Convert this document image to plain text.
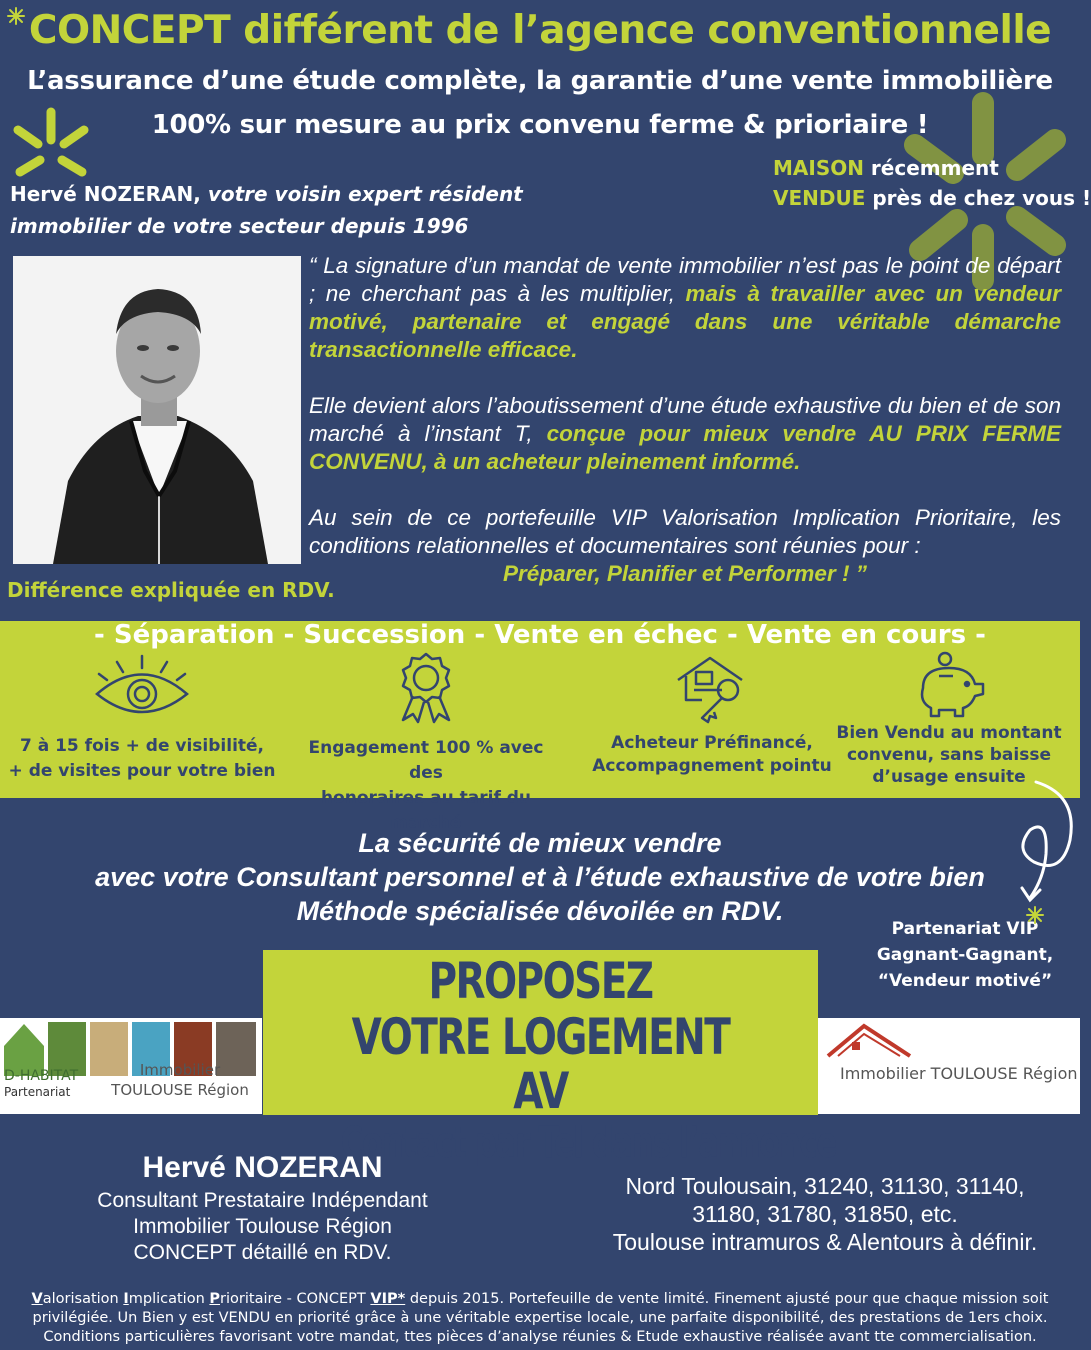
CONCEPT différent de l’agence conventionnelle
L’assurance d’une étude complète, la garantie d’une vente immobilière
100% sur mesure au prix convenu ferme & prioriaire !
Hervé NOZERAN, votre voisin expert résident
immobilier de votre secteur depuis 1996
MAISON récemment
VENDUE près de chez vous !

“ La signature d’un mandat de vente immobilier n’est pas le point de départ ; ne cherchant pas à les multiplier, mais à travailler avec un vendeur motivé, partenaire et engagé dans une véritable démarche transactionnelle efficace.

Elle devient alors l’aboutissement d’une étude exhaustive du bien et de son marché à l’instant T, conçue pour mieux vendre AU PRIX FERME CONVENU, à un acheteur pleinement informé.

Au sein de ce portefeuille VIP Valorisation Implication Prioritaire, les conditions relationnelles et documentaires sont réunies pour :
Préparer, Planifier et Performer ! ”

Différence expliquée en RDV.
- Séparation - Succession - Vente en échec - Vente en cours -
7 à 15 fois + de visibilité,
+ de visites pour votre bien
Engagement 100 % avec des
honoraires au tarif du marché
Acheteur Préfinancé,
Accompagnement pointu
Bien Vendu au montant
convenu, sans baisse
d’usage ensuite
La sécurité de mieux vendre
avec votre Consultant personnel et à l’étude exhaustive de votre bien
Méthode spécialisée dévoilée en RDV.
Partenariat VIP
Gagnant-Gagnant,
“Vendeur motivé”
D-HABITAT
Partenariat
Immobilier
TOULOUSE Région
PROPOSEZ
VOTRE LOGEMENT AV
Contact par Tel dans l’annonce
Immobilier TOULOUSE Région
Hervé NOZERAN
Consultant Prestataire Indépendant
Immobilier Toulouse Région
CONCEPT détaillé en RDV.
Nord Toulousain, 31240, 31130, 31140,
31180, 31780, 31850, etc.
Toulouse intramuros & Alentours à définir.
Valorisation Implication Prioritaire - CONCEPT VIP* depuis 2015. Portefeuille de vente limité. Finement ajusté pour que chaque mission soit privilégiée. Un Bien y est VENDU en priorité grâce à une véritable expertise locale, une parfaite disponibilité, des prestations de 1ers choix. Conditions particulières favorisant votre mandat, ttes pièces d’analyse réunies & Etude exhaustive réalisée avant tte commercialisation.
